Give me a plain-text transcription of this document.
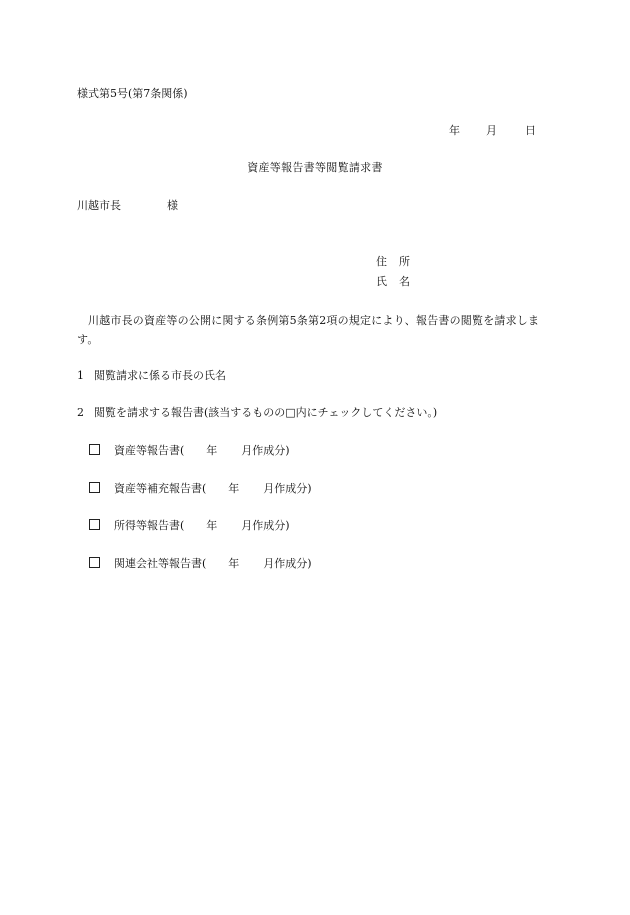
様式第5号(第7条関係)
年 月	日
資産等報告書等閲覧請求書
川越市長	様
住 所
氏 名
川越市長の資産等の公開に関する条例第5条第2項の規定により、報告書の閲覧を請求します。
1 閲覧請求に係る市長の氏名
2 閲覧を請求する報告書(該当するものの□内にチェックしてください。)
資産等報告書( 年 月作成分)
資産等補充報告書( 年 月作成分)
所得等報告書( 年 月作成分)
関連会社等報告書( 年 月作成分)
